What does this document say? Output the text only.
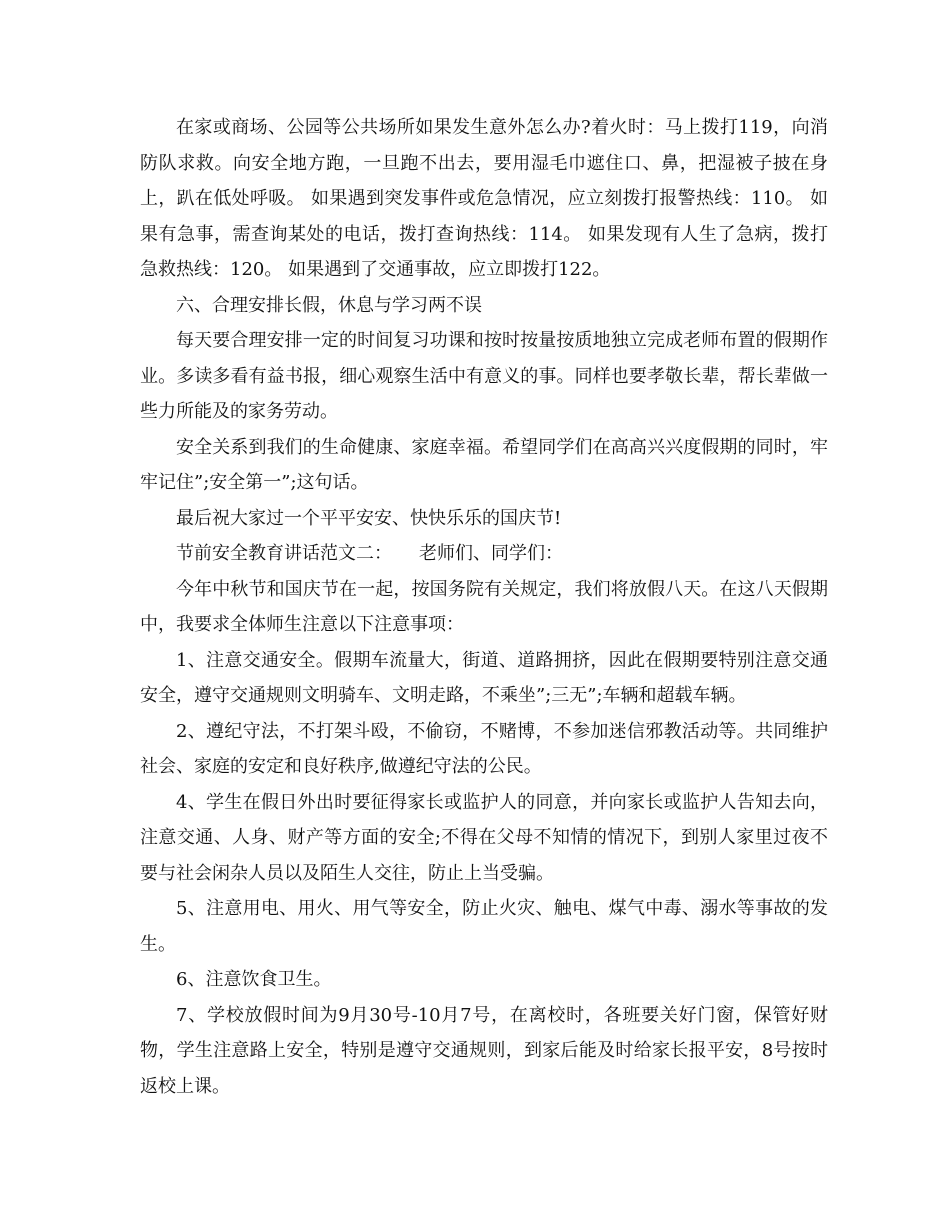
在家或商场、公园等公共场所如果发生意外怎么办?着火时：马上拨打119，向消防队求救。向安全地方跑，一旦跑不出去，要用湿毛巾遮住口、鼻，把湿被子披在身上，趴在低处呼吸。 如果遇到突发事件或危急情况，应立刻拨打报警热线：110。 如果有急事，需查询某处的电话，拨打查询热线：114。 如果发现有人生了急病，拨打急救热线：120。 如果遇到了交通事故，应立即拨打122。

六、合理安排长假，休息与学习两不误

每天要合理安排一定的时间复习功课和按时按量按质地独立完成老师布置的假期作业。多读多看有益书报，细心观察生活中有意义的事。同样也要孝敬长辈，帮长辈做一些力所能及的家务劳动。

安全关系到我们的生命健康、家庭幸福。希望同学们在高高兴兴度假期的同时，牢牢记住”;安全第一”;这句话。

最后祝大家过一个平平安安、快快乐乐的国庆节!

节前安全教育讲话范文二：　　老师们、同学们：

今年中秋节和国庆节在一起，按国务院有关规定，我们将放假八天。在这八天假期中，我要求全体师生注意以下注意事项：

1、注意交通安全。假期车流量大，街道、道路拥挤，因此在假期要特别注意交通安全，遵守交通规则文明骑车、文明走路，不乘坐”;三无”;车辆和超载车辆。

2、遵纪守法，不打架斗殴，不偷窃，不赌博，不参加迷信邪教活动等。共同维护社会、家庭的安定和良好秩序,做遵纪守法的公民。

4、学生在假日外出时要征得家长或监护人的同意，并向家长或监护人告知去向，注意交通、人身、财产等方面的安全;不得在父母不知情的情况下，到别人家里过夜不要与社会闲杂人员以及陌生人交往，防止上当受骗。

5、注意用电、用火、用气等安全，防止火灾、触电、煤气中毒、溺水等事故的发生。

6、注意饮食卫生。

7、学校放假时间为9月30号-10月7号，在离校时，各班要关好门窗，保管好财物，学生注意路上安全，特别是遵守交通规则，到家后能及时给家长报平安，8号按时返校上课。
